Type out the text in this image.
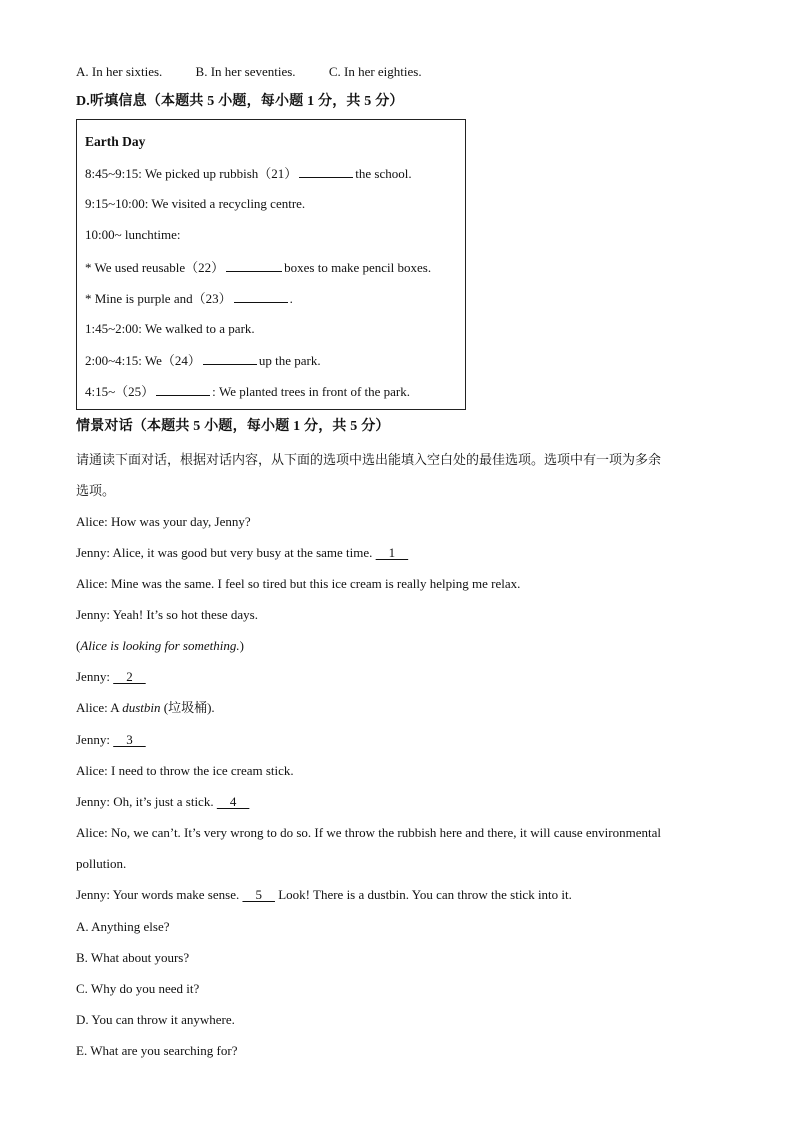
A. In her sixties.	B. In her seventies.	C. In her eighties.
D.听填信息（本题共 5 小题，每小题 1 分，共 5 分）
Earth Day
8:45~9:15: We picked up rubbish（21）	the school.
9:15~10:00: We visited a recycling centre.
10:00~ lunchtime:
* We used reusable（22）	boxes to make pencil boxes.
* Mine is purple and（23）	.
1:45~2:00: We walked to a park.
2:00~4:15: We（24）	up the park.
4:15~（25）	: We planted trees in front of the park.
情景对话（本题共 5 小题，每小题 1 分，共 5 分）
请通读下面对话，根据对话内容，从下面的选项中选出能填入空白处的最佳选项。选项中有一项为多余
选项。
Alice: How was your day, Jenny?
Jenny: Alice, it was good but very busy at the same time.     1
Alice: Mine was the same. I feel so tired but this ice cream is really helping me relax.
Jenny: Yeah! It’s so hot these days.
(Alice is looking for something.)
Jenny:     2
Alice: A dustbin (垃圾桶).
Jenny:     3
Alice: I need to throw the ice cream stick.
Jenny: Oh, it’s just a stick.     4
Alice: No, we can’t. It’s very wrong to do so. If we throw the rubbish here and there, it will cause environmental
pollution.
Jenny: Your words make sense.     5     Look! There is a dustbin. You can throw the stick into it.
A. Anything else?
B. What about yours?
C. Why do you need it?
D. You can throw it anywhere.
E. What are you searching for?
